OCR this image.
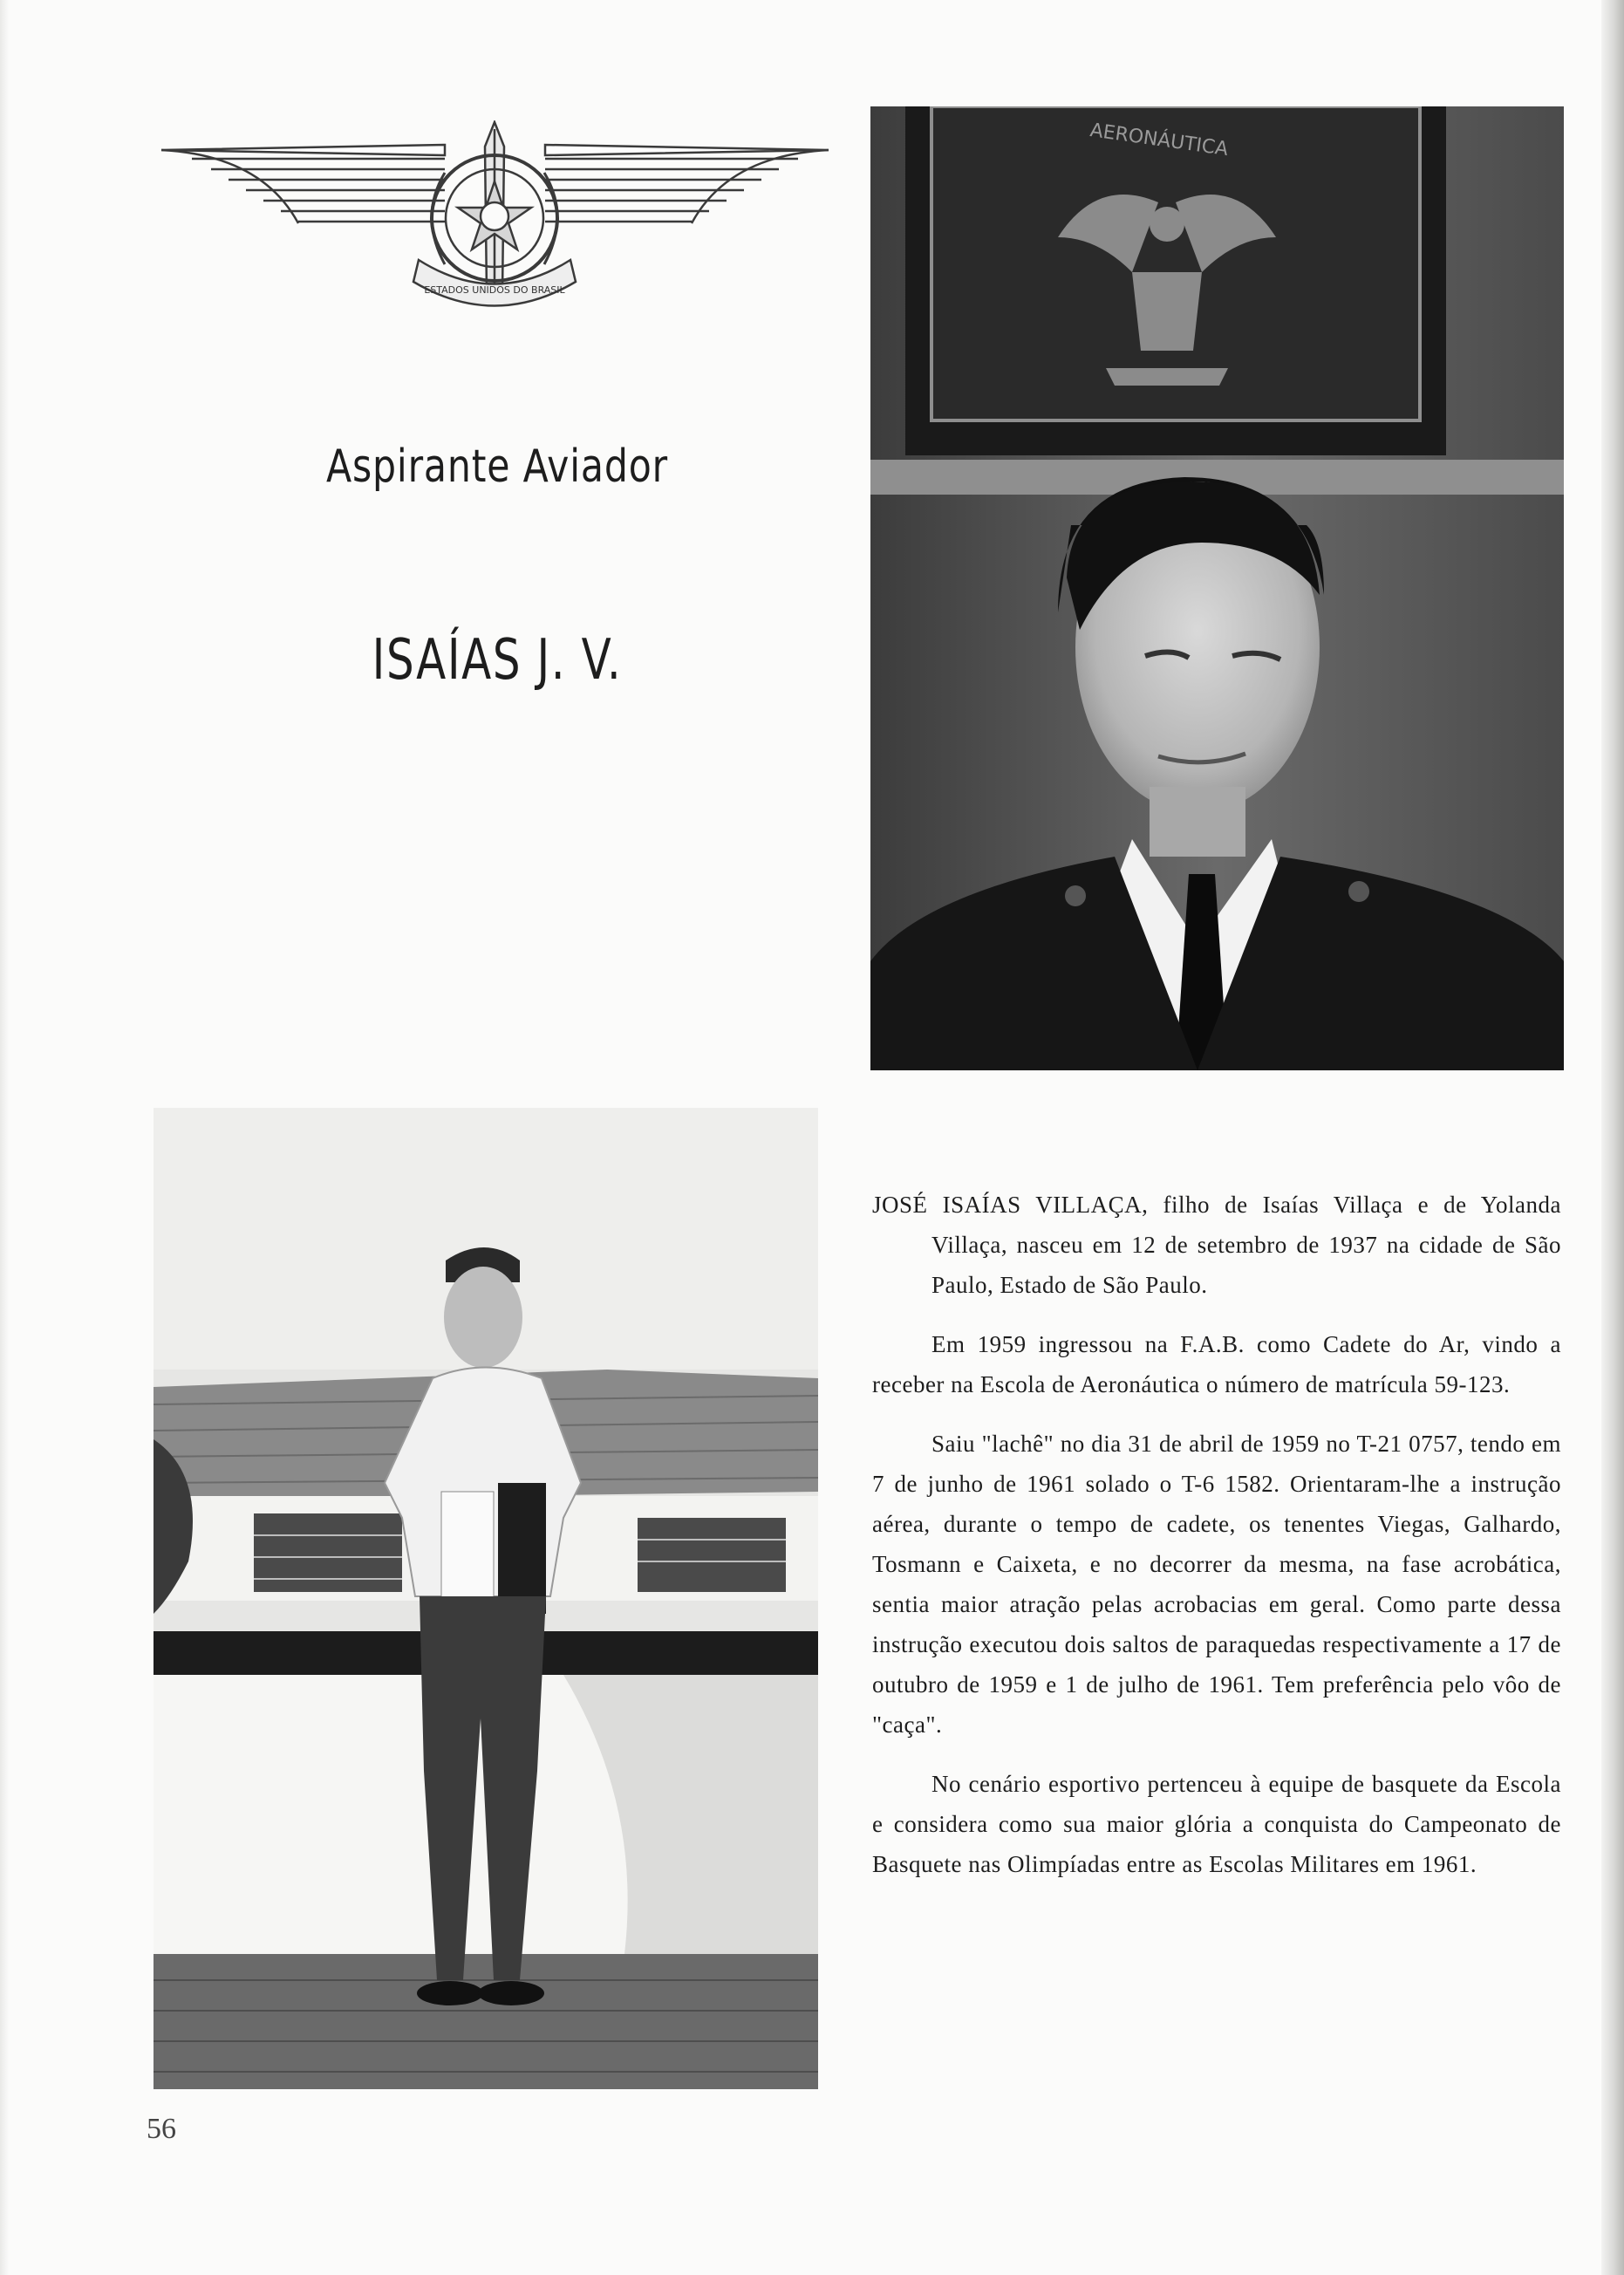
ESTADOS UNIDOS DO BRASIL
Aspirante Aviador
ISAÍAS J. V.
AERONÁUTICA

JOSÉ ISAÍAS VILLAÇA, filho de Isaías Villaça e de Yolanda Villaça, nasceu em 12 de setembro de 1937 na cidade de São Paulo, Estado de São Paulo.

Em 1959 ingressou na F.A.B. como Cadete do Ar, vindo a receber na Escola de Aeronáutica o número de matrícula 59-123.

Saiu "lachê" no dia 31 de abril de 1959 no T-21 0757, tendo em 7 de junho de 1961 solado o T-6 1582. Orientaram-lhe a instrução aérea, durante o tempo de cadete, os tenentes Viegas, Galhardo, Tosmann e Caixeta, e no decorrer da mesma, na fase acrobática, sentia maior atração pelas acrobacias em geral. Como parte dessa instrução executou dois saltos de paraquedas respectivamente a 17 de outubro de 1959 e 1 de julho de 1961. Tem preferência pelo vôo de "caça".

No cenário esportivo pertenceu à equipe de basquete da Escola e considera como sua maior glória a conquista do Campeonato de Basquete nas Olimpíadas entre as Escolas Militares em 1961.

56
